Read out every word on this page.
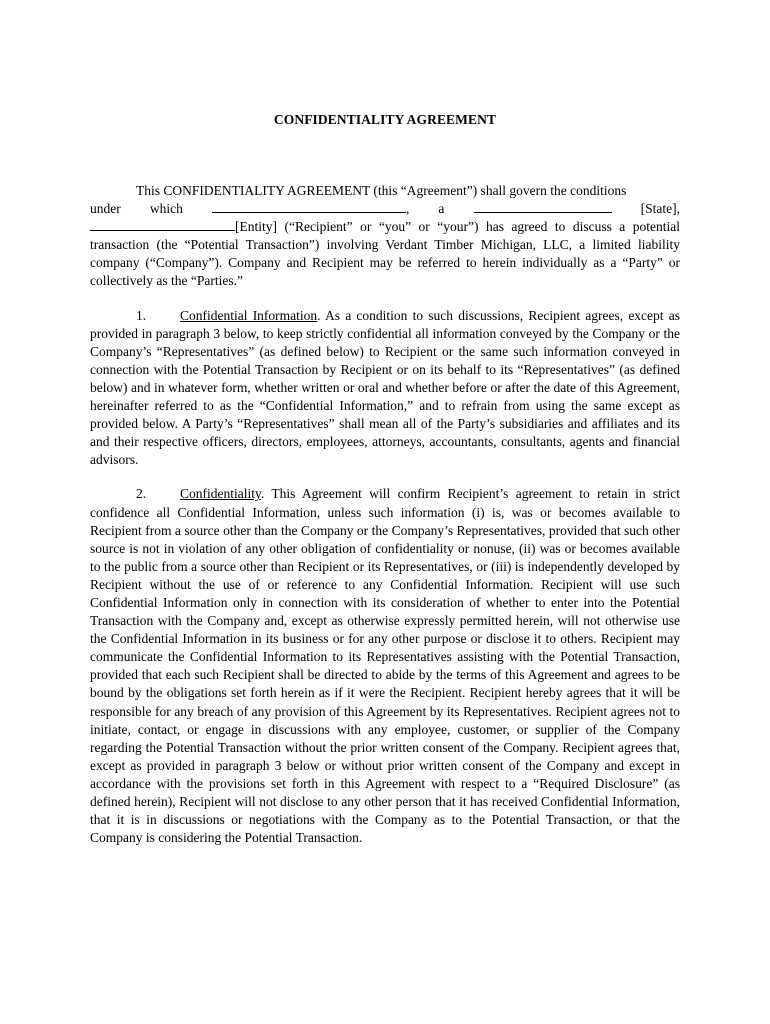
CONFIDENTIALITY AGREEMENT
This CONFIDENTIALITY AGREEMENT (this “Agreement”) shall govern the conditions
under which	, a	[State],
[Entity] (“Recipient” or “you” or “your”) has agreed to discuss a potential transaction (the “Potential Transaction”) involving Verdant Timber Michigan, LLC, a limited liability company (“Company”). Company and Recipient may be referred to herein individually as a “Party” or collectively as the “Parties.”
1.	Confidential Information. As a condition to such discussions, Recipient agrees, except as provided in paragraph 3 below, to keep strictly confidential all information conveyed by the Company or the Company’s “Representatives” (as defined below) to Recipient or the same such information conveyed in connection with the Potential Transaction by Recipient or on its behalf to its “Representatives” (as defined below) and in whatever form, whether written or oral and whether before or after the date of this Agreement, hereinafter referred to as the “Confidential Information,” and to refrain from using the same except as provided below. A Party’s “Representatives” shall mean all of the Party’s subsidiaries and affiliates and its and their respective officers, directors, employees, attorneys, accountants, consultants, agents and financial advisors.
2.	Confidentiality. This Agreement will confirm Recipient’s agreement to retain in strict confidence all Confidential Information, unless such information (i) is, was or becomes available to Recipient from a source other than the Company or the Company’s Representatives, provided that such other source is not in violation of any other obligation of confidentiality or nonuse, (ii) was or becomes available to the public from a source other than Recipient or its Representatives, or (iii) is independently developed by Recipient without the use of or reference to any Confidential Information. Recipient will use such Confidential Information only in connection with its consideration of whether to enter into the Potential Transaction with the Company and, except as otherwise expressly permitted herein, will not otherwise use the Confidential Information in its business or for any other purpose or disclose it to others. Recipient may communicate the Confidential Information to its Representatives assisting with the Potential Transaction, provided that each such Recipient shall be directed to abide by the terms of this Agreement and agrees to be bound by the obligations set forth herein as if it were the Recipient. Recipient hereby agrees that it will be responsible for any breach of any provision of this Agreement by its Representatives. Recipient agrees not to initiate, contact, or engage in discussions with any employee, customer, or supplier of the Company regarding the Potential Transaction without the prior written consent of the Company. Recipient agrees that, except as provided in paragraph 3 below or without prior written consent of the Company and except in accordance with the provisions set forth in this Agreement with respect to a “Required Disclosure” (as defined herein), Recipient will not disclose to any other person that it has received Confidential Information, that it is in discussions or negotiations with the Company as to the Potential Transaction, or that the Company is considering the Potential Transaction.
